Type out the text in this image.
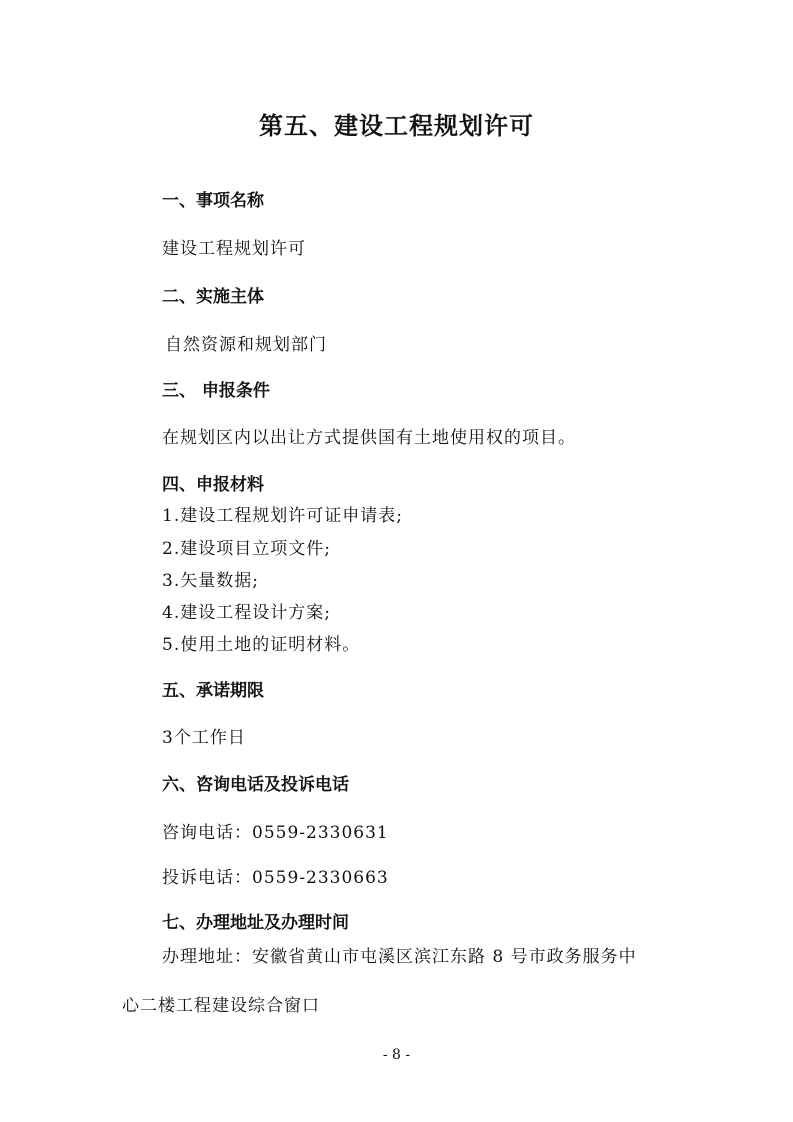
第五、建设工程规划许可
一、事项名称
建设工程规划许可
二、实施主体
自然资源和规划部门
三、 申报条件
在规划区内以出让方式提供国有土地使用权的项目。
四、申报材料
1.建设工程规划许可证申请表;
2.建设项目立项文件;
3.矢量数据;
4.建设工程设计方案;
5.使用土地的证明材料。
五、承诺期限
3个工作日
六、咨询电话及投诉电话
咨询电话：0559-2330631
投诉电话：0559-2330663
七、办理地址及办理时间
办理地址：安徽省黄山市屯溪区滨江东路 8 号市政务服务中
心二楼工程建设综合窗口
- 8 -
